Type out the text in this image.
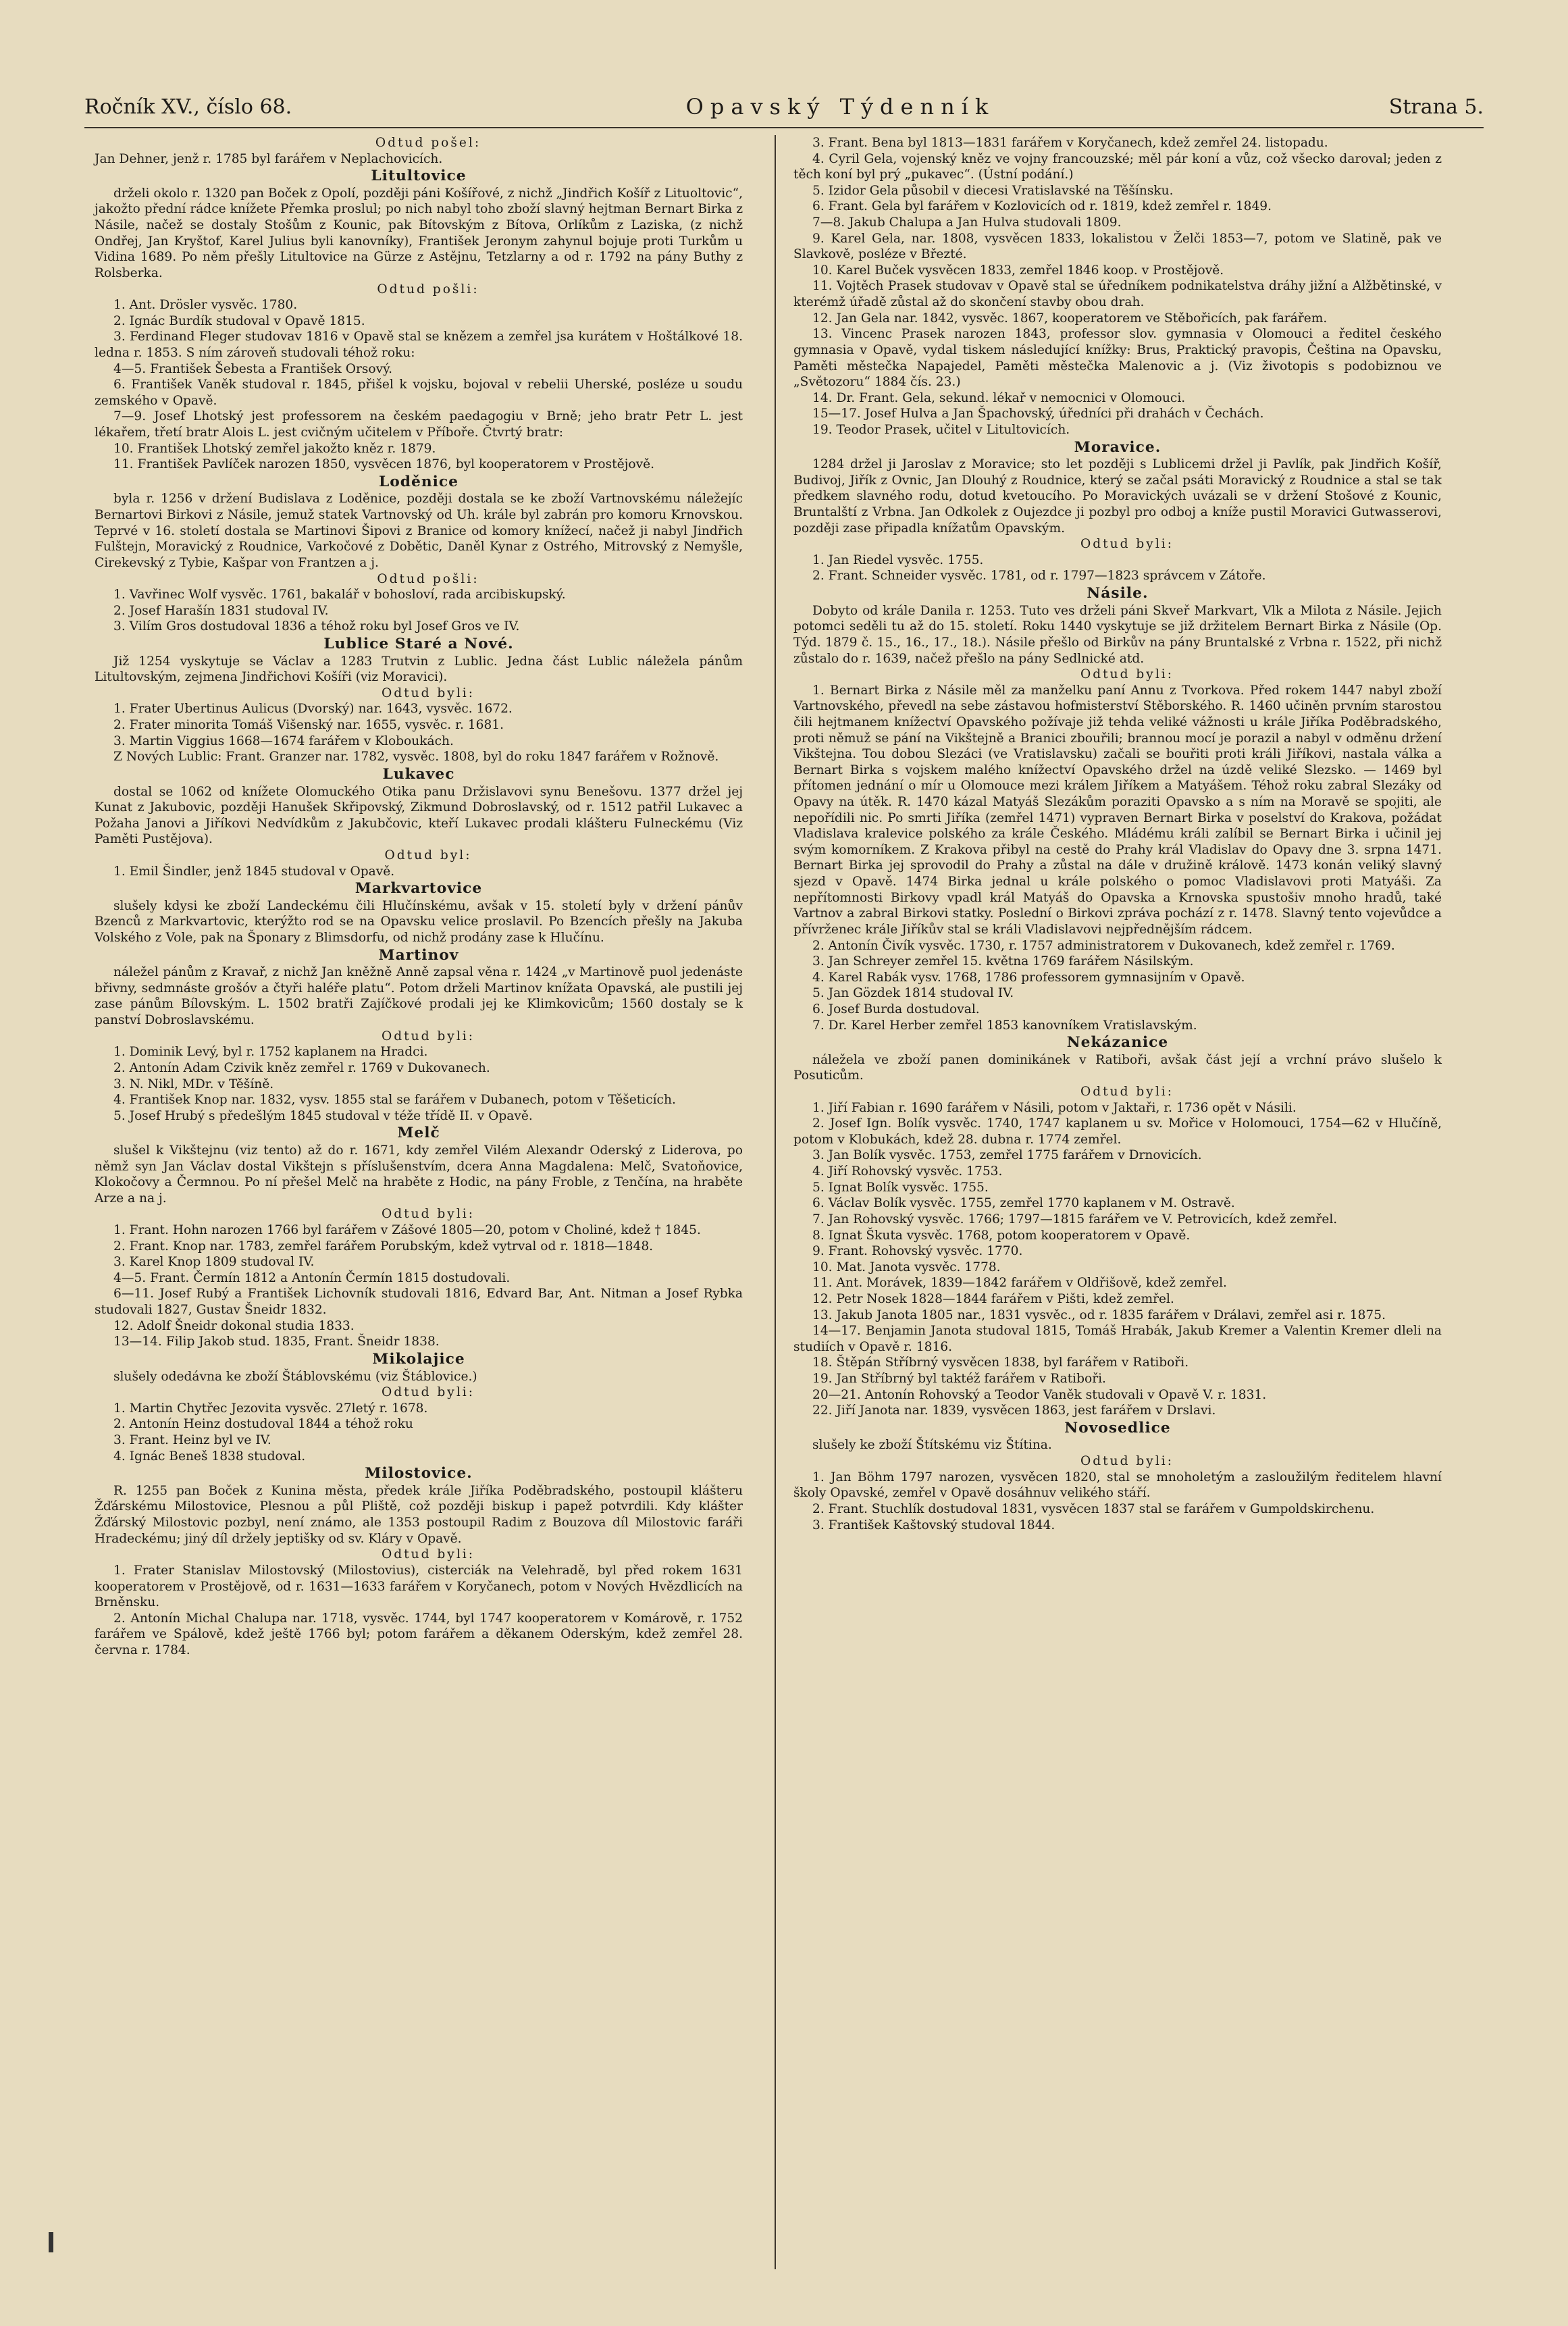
Ročník XV., číslo 68.	Opavský Týdenník	Strana 5.

Odtud pošel:

Jan Dehner, jenž r. 1785 byl farářem v Neplachovicích.

Litultovice

drželi okolo r. 1320 pan Boček z Opolí, později páni Košířové, z nichž „Jindřich Košíř z Lituoltovic“, jakožto přední rádce knížete Přemka proslul; po nich nabyl toho zboží slavný hejtman Bernart Birka z Násile, načež se dostaly Stošům z Kounic, pak Bítovským z Bítova, Orlíkům z Laziska, (z nichž Ondřej, Jan Kryštof, Karel Julius byli kanovníky), František Jeronym zahynul bojuje proti Turkům u Vidina 1689. Po něm přešly Litultovice na Gürze z Astějnu, Tetzlarny a od r. 1792 na pány Buthy z Rolsberka.

Odtud pošli:

1. Ant. Drösler vysvěc. 1780.

2. Ignác Burdík studoval v Opavě 1815.

3. Ferdinand Fleger studovav 1816 v Opavě stal se knězem a zemřel jsa kurátem v Hoštálkové 18. ledna r. 1853. S ním zároveň studovali téhož roku:

4—5. František Šebesta a František Orsový.

6. František Vaněk studoval r. 1845, přišel k vojsku, bojoval v rebelii Uherské, posléze u soudu zemského v Opavě.

7—9. Josef Lhotský jest professorem na českém paedagogiu v Brně; jeho bratr Petr L. jest lékařem, třetí bratr Alois L. jest cvičným učitelem v Příboře. Čtvrtý bratr:

10. František Lhotský zemřel jakožto kněz r. 1879.

11. František Pavlíček narozen 1850, vysvěcen 1876, byl kooperatorem v Prostějově.

Loděnice

byla r. 1256 v držení Budislava z Loděnice, později dostala se ke zboží Vartnovskému náležejíc Bernartovi Birkovi z Násile, jemuž statek Vartnovský od Uh. krále byl zabrán pro komoru Krnovskou. Teprvé v 16. století dostala se Martinovi Šipovi z Branice od komory knížecí, načež ji nabyl Jindřich Fulštejn, Moravický z Roudnice, Varkočové z Dobětic, Daněl Kynar z Ostrého, Mitrovský z Nemyšle, Cirekevský z Tybie, Kašpar von Frantzen a j.

Odtud pošli:

1. Vavřinec Wolf vysvěc. 1761, bakalář v bohosloví, rada arcibiskupský.

2. Josef Harašín 1831 studoval IV.

3. Vilím Gros dostudoval 1836 a téhož roku byl Josef Gros ve IV.

Lublice Staré a Nové.

Již 1254 vyskytuje se Václav a 1283 Trutvin z Lublic. Jedna část Lublic náleželа pánům Litultovským, zejmena Jindřichovi Košíři (viz Moravici).

Odtud byli:

1. Frater Ubertinus Aulicus (Dvorský) nar. 1643, vysvěc. 1672.

2. Frater minorita Tomáš Višenský nar. 1655, vysvěc. r. 1681.

3. Martin Viggius 1668—1674 farářem v Kloboukách.

Z Nových Lublic: Frant. Granzer nar. 1782, vysvěc. 1808, byl do roku 1847 farářem v Rožnově.

Lukavec

dostal se 1062 od knížete Olomuckého Otika panu Držislavovi synu Benešovu. 1377 držel jej Kunat z Jakubovic, později Hanušek Skřipovský, Zikmund Dobroslavský, od r. 1512 patřil Lukavec a Požaha Janovi a Jiříkovi Nedvídkům z Jakubčovic, kteří Lukavec prodali klášteru Fulneckému (Viz Paměti Pustějova).

Odtud byl:

1. Emil Šindler, jenž 1845 studoval v Opavě.

Markvartovice

slušely kdysi ke zboží Landeckému čili Hlučínskému, avšak v 15. století byly v držení pánův Bzenců z Markvartovic, kterýžto rod se na Opavsku velice proslavil. Po Bzencích přešly na Jakuba Volského z Vole, pak na Šponary z Blimsdorfu, od nichž prodány zase k Hlučínu.

Martinov

náležel pánům z Kravař, z nichž Jan kněžně Anně zapsal věna r. 1424 „v Martinově puol jedenáste břivny, sedmnáste grošóv a čtyři haléře platu“. Potom drželi Martinov knížata Opavská, ale pustili jej zase pánům Bílovským. L. 1502 bratři Zajíčkové prodali jej ke Klimkovicům; 1560 dostaly se k panství Dobroslavskému.

Odtud byli:

1. Dominik Levý, byl r. 1752 kaplanem na Hradci.

2. Antonín Adam Czivik kněz zemřel r. 1769 v Dukovanech.

3. N. Nikl, MDr. v Těšíně.

4. František Knop nar. 1832, vysv. 1855 stal se farářem v Dubanech, potom v Těšeticích.

5. Josef Hrubý s předešlým 1845 studoval v téže třídě II. v Opavě.

Melč

slušel k Vikštejnu (viz tento) až do r. 1671, kdy zemřel Vilém Alexandr Oderský z Liderova, po němž syn Jan Václav dostal Vikštejn s příslušenstvím, dcera Anna Magdalena: Melč, Svatoňovice, Klokočovy a Čermnou. Po ní přešel Melč na hraběte z Hodic, na pány Froble, z Tenčína, na hraběte Arze a na j.

Odtud byli:

1. Frant. Hohn narozen 1766 byl farářem v Zášové 1805—20, potom v Choliné, kdež † 1845.

2. Frant. Knop nar. 1783, zemřel farářem Porubským, kdež vytrval od r. 1818—1848.

3. Karel Knop 1809 studoval IV.

4—5. Frant. Čermín 1812 a Antonín Čermín 1815 dostudovali.

6—11. Josef Rubý a František Lichovník studovali 1816, Edvard Bar, Ant. Nitman a Josef Rybka studovali 1827, Gustav Šneidr 1832.

12. Adolf Šneidr dokonal studia 1833.

13—14. Filip Jakob stud. 1835, Frant. Šneidr 1838.

Mikolajice

slušely odedávna ke zboží Štáblovskému (viz Štáblovice.)

Odtud byli:

1. Martin Chytřec Jezovita vysvěc. 27letý r. 1678.

2. Antonín Heinz dostudoval 1844 a téhož roku

3. Frant. Heinz byl ve IV.

4. Ignác Beneš 1838 studoval.

Milostovice.

R. 1255 pan Boček z Kunina města, předek krále Jiříka Poděbradského, postoupil klášteru Žďárskému Milostovice, Plesnou a půl Pliště, což později biskup i papež potvrdili. Kdy klášter Žďárský Milostovic pozbyl, není známo, ale 1353 postoupil Radim z Bouzova díl Milostovic faráři Hradeckému; jiný díl držely jeptišky od sv. Kláry v Opavě.

Odtud byli:

1. Frater Stanislav Milostovský (Milostovius), cisterciák na Velehradě, byl před rokem 1631 kooperatorem v Prostějově, od r. 1631—1633 farářem v Koryčanech, potom v Nových Hvězdlicích na Brněnsku.

2. Antonín Michal Chalupa nar. 1718, vysvěc. 1744, byl 1747 kooperatorem v Komárově, r. 1752 farářem ve Spálově, kdež ještě 1766 byl; potom farářem a děkanem Oderským, kdež zemřel 28. června r. 1784.

3. Frant. Bena byl 1813—1831 farářem v Koryčanech, kdež zemřel 24. listopadu.

4. Cyril Gela, vojenský kněz ve vojny francouzské; měl pár koní a vůz, což všecko daroval; jeden z těch koní byl prý „pukavec“. (Ústní podání.)

5. Izidor Gela působil v diecesi Vratislavské na Těšínsku.

6. Frant. Gela byl farářem v Kozlovicích od r. 1819, kdež zemřel r. 1849.

7—8. Jakub Chalupa a Jan Hulva studovali 1809.

9. Karel Gela, nar. 1808, vysvěcen 1833, lokalistou v Želči 1853—7, potom ve Slatině, pak ve Slavkově, posléze v Březté.

10. Karel Buček vysvěcen 1833, zemřel 1846 koop. v Prostějově.

11. Vojtěch Prasek studovav v Opavě stal se úředníkem podnikatelstva dráhy jižní a Alžbětinské, v kterémž úřadě zůstal až do skončení stavby obou drah.

12. Jan Gela nar. 1842, vysvěc. 1867, kooperatorem ve Stěbořicích, pak farářem.

13. Vincenc Prasek narozen 1843, professor slov. gymnasia v Olomouci a ředitel českého gymnasia v Opavě, vydal tiskem následující knížky: Brus, Praktický pravopis, Čeština na Opavsku, Paměti městečka Napajedel, Paměti městečka Malenovic a j. (Viz životopis s podobiznou ve „Světozoru“ 1884 čís. 23.)

14. Dr. Frant. Gela, sekund. lékař v nemocnici v Olomouci.

15—17. Josef Hulva a Jan Špachovský, úředníci při drahách v Čechách.

19. Teodor Prasek, učitel v Litultovicích.

Moravice.

1284 držel ji Jaroslav z Moravice; sto let později s Lublicemi držel ji Pavlík, pak Jindřich Košíř, Budivoj, Jiřík z Ovnic, Jan Dlouhý z Roudnice, který se začal psáti Moravický z Roudnice a stal se tak předkem slavného rodu, dotud kvetoucího. Po Moravických uvázali se v držení Stošové z Kounic, Bruntalští z Vrbna. Jan Odkolek z Oujezdce ji pozbyl pro odboj a kníže pustil Moravici Gutwasserovi, později zase připadla knížatům Opavským.

Odtud byli:

1. Jan Riedel vysvěc. 1755.

2. Frant. Schneider vysvěc. 1781, od r. 1797—1823 správcem v Zátoře.

Násile.

Dobyto od krále Danila r. 1253. Tuto ves drželi páni Skveř Markvart, Vlk a Milota z Násile. Jejich potomci seděli tu až do 15. století. Roku 1440 vyskytuje se již držitelem Bernart Birka z Násile (Op. Týd. 1879 č. 15., 16., 17., 18.). Násile přešlo od Birkův na pány Bruntalské z Vrbna r. 1522, při nichž zůstalo do r. 1639, načež přešlo na pány Sedlnické atd.

Odtud byli:

1. Bernart Birka z Násile měl za manželku paní Annu z Tvorkova. Před rokem 1447 nabyl zboží Vartnovského, převedl na sebe zástavou hofmisterství Stěborského. R. 1460 učiněn prvním starostou čili hejtmanem knížectví Opavského požívaje již tehda veliké vážnosti u krále Jiříka Poděbradského, proti němuž se pání na Vikštejně a Branici zbouřili; brannou mocí je porazil a nabyl v odměnu držení Vikštejna. Tou dobou Slezáci (ve Vratislavsku) začali se bouřiti proti králi Jiříkovi, nastala válka a Bernart Birka s vojskem malého knížectví Opavského držel na úzdě veliké Slezsko. — 1469 byl přítomen jednání o mír u Olomouce mezi králem Jiříkem a Matyášem. Téhož roku zabral Slezáky od Opavy na útěk. R. 1470 kázal Matyáš Slezákům poraziti Opavsko a s ním na Moravě se spojiti, ale nepořídili nic. Po smrti Jiříka (zemřel 1471) vypraven Bernart Birka v poselství do Krakova, požádat Vladislava kralevice polského za krále Českého. Mládému králi zalíbil se Bernart Birka i učinil jej svým komorníkem. Z Krakova přibyl na cestě do Prahy král Vladislav do Opavy dne 3. srpna 1471. Bernart Birka jej sprovodil do Prahy a zůstal na dále v družině králově. 1473 konán veliký slavný sjezd v Opavě. 1474 Birka jednal u krále polského o pomoc Vladislavovi proti Matyáši. Za nepřítomnosti Birkovy vpadl král Matyáš do Opavska a Krnovska spustošiv mnoho hradů, také Vartnov a zabral Birkovi statky. Poslední o Birkovi zpráva pochází z r. 1478. Slavný tento vojevůdce a přívrženec krále Jiříkův stal se králi Vladislavovi nejpřednějším rádcem.

2. Antonín Čivík vysvěc. 1730, r. 1757 administratorem v Dukovanech, kdež zemřel r. 1769.

3. Jan Schreyer zemřel 15. května 1769 farářem Násilským.

4. Karel Rabák vysv. 1768, 1786 professorem gymnasijním v Opavě.

5. Jan Gözdek 1814 studoval IV.

6. Josef Burda dostudoval.

7. Dr. Karel Herber zemřel 1853 kanovníkem Vratislavským.

Nekázanice

náležela ve zboží panen dominikánek v Ratiboři, avšak část její a vrchní právo slušelo k Posuticům.

Odtud byli:

1. Jiří Fabian r. 1690 farářem v Násili, potom v Jaktaři, r. 1736 opět v Násili.

2. Josef Ign. Bolík vysvěc. 1740, 1747 kaplanem u sv. Mořice v Holomouci, 1754—62 v Hlučíně, potom v Klobukách, kdež 28. dubna r. 1774 zemřel.

3. Jan Bolík vysvěc. 1753, zemřel 1775 farářem v Drnovicích.

4. Jiří Rohovský vysvěc. 1753.

5. Ignat Bolík vysvěc. 1755.

6. Václav Bolík vysvěc. 1755, zemřel 1770 kaplanem v M. Ostravě.

7. Jan Rohovský vysvěc. 1766; 1797—1815 farářem ve V. Petrovicích, kdež zemřel.

8. Ignat Škuta vysvěc. 1768, potom kooperatorem v Opavě.

9. Frant. Rohovský vysvěc. 1770.

10. Mat. Janota vysvěc. 1778.

11. Ant. Morávek, 1839—1842 farářem v Oldřišově, kdež zemřel.

12. Petr Nosek 1828—1844 farářem v Pišti, kdež zemřel.

13. Jakub Janota 1805 nar., 1831 vysvěc., od r. 1835 farářem v Drálavi, zemřel asi r. 1875.

14—17. Benjamin Janota studoval 1815, Tomáš Hrabák, Jakub Kremer a Valentin Kremer dleli na studiích v Opavě r. 1816.

18. Štěpán Stříbrný vysvěcen 1838, byl farářem v Ratiboři.

19. Jan Stříbrný byl taktéž farářem v Ratiboři.

20—21. Antonín Rohovský a Teodor Vaněk studovali v Opavě V. r. 1831.

22. Jiří Janota nar. 1839, vysvěcen 1863, jest farářem v Drslavi.

Novosedlice

slušely ke zboží Štítskému viz Štítina.

Odtud byli:

1. Jan Böhm 1797 narozen, vysvěcen 1820, stal se mnoholetým a zasloužilým ředitelem hlavní školy Opavské, zemřel v Opavě dosáhnuv velikého stáří.

2. Frant. Stuchlík dostudoval 1831, vysvěcen 1837 stal se farářem v Gumpoldskirchenu.

3. František Kaštovský studoval 1844.
